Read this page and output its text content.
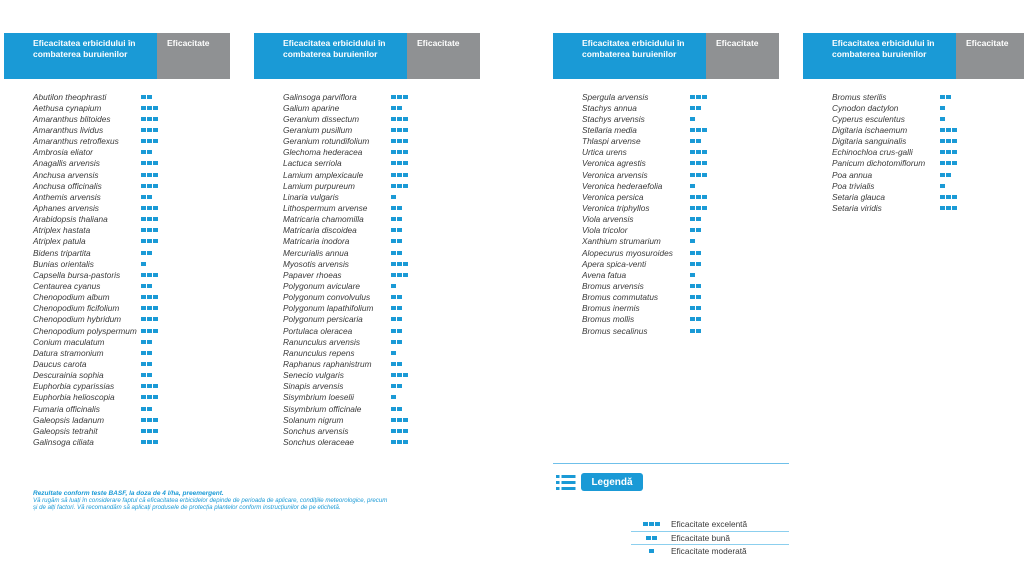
Eficacitatea erbicidului în combaterea buruienilor
Eficacitate
Abutilon theophrasti
Aethusa cynapium
Amaranthus blitoides
Amaranthus lividus
Amaranthus retroflexus
Ambrosia eliator
Anagallis arvensis
Anchusa arvensis
Anchusa officinalis
Anthemis arvensis
Aphanes arvensis
Arabidopsis thaliana
Atriplex hastata
Atriplex patula
Bidens tripartita
Bunias orientalis
Capsella bursa-pastoris
Centaurea cyanus
Chenopodium album
Chenopodium ficifolium
Chenopodium hybridum
Chenopodium polyspermum
Conium maculatum
Datura stramonium
Daucus carota
Descurainia sophia
Euphorbia cyparissias
Euphorbia helioscopia
Fumaria officinalis
Galeopsis ladanum
Galeopsis tetrahit
Galinsoga ciliata
Eficacitatea erbicidului în combaterea buruienilor
Eficacitate
Galinsoga parviflora
Galium aparine
Geranium dissectum
Geranium pusillum
Geranium rotundifolium
Glechoma hederacea
Lactuca serriola
Lamium amplexicaule
Lamium purpureum
Linaria vulgaris
Lithospermum arvense
Matricaria chamomilla
Matricaria discoidea
Matricaria inodora
Mercurialis annua
Myosotis arvensis
Papaver rhoeas
Polygonum aviculare
Polygonum convolvulus
Polygonum lapathifolium
Polygonum persicaria
Portulaca oleracea
Ranunculus arvensis
Ranunculus repens
Raphanus raphanistrum
Senecio vulgaris
Sinapis arvensis
Sisymbrium loeselii
Sisymbrium officinale
Solanum nigrum
Sonchus arvensis
Sonchus oleraceae
Eficacitatea erbicidului în combaterea buruienilor
Eficacitate
Spergula arvensis
Stachys annua
Stachys arvensis
Stellaria media
Thlaspi arvense
Urtica urens
Veronica agrestis
Veronica arvensis
Veronica hederaefolia
Veronica persica
Veronica triphyllos
Viola arvensis
Viola tricolor
Xanthium strumarium
Alopecurus myosuroides
Apera spica-venti
Avena fatua
Bromus arvensis
Bromus commutatus
Bromus inermis
Bromus mollis
Bromus secalinus
Eficacitatea erbicidului în combaterea buruienilor
Eficacitate
Bromus sterilis
Cynodon dactylon
Cyperus esculentus
Digitaria ischaemum
Digitaria sanguinalis
Echinochloa crus-galli
Panicum dichotomiflorum
Poa annua
Poa trivialis
Setaria glauca
Setaria viridis
Rezultate conform teste BASF, la doza de 4 l/ha, preemergent.
Vă rugăm să luați în considerare faptul că eficacitatea erbicidelor depinde de perioada de aplicare, condițiile meteorologice, precum
și de alți factori. Vă recomandăm să aplicați produsele de protecția plantelor conform instrucțiunilor de pe etichetă.
Legendă
Eficacitate excelentă
Eficacitate bună
Eficacitate moderată
